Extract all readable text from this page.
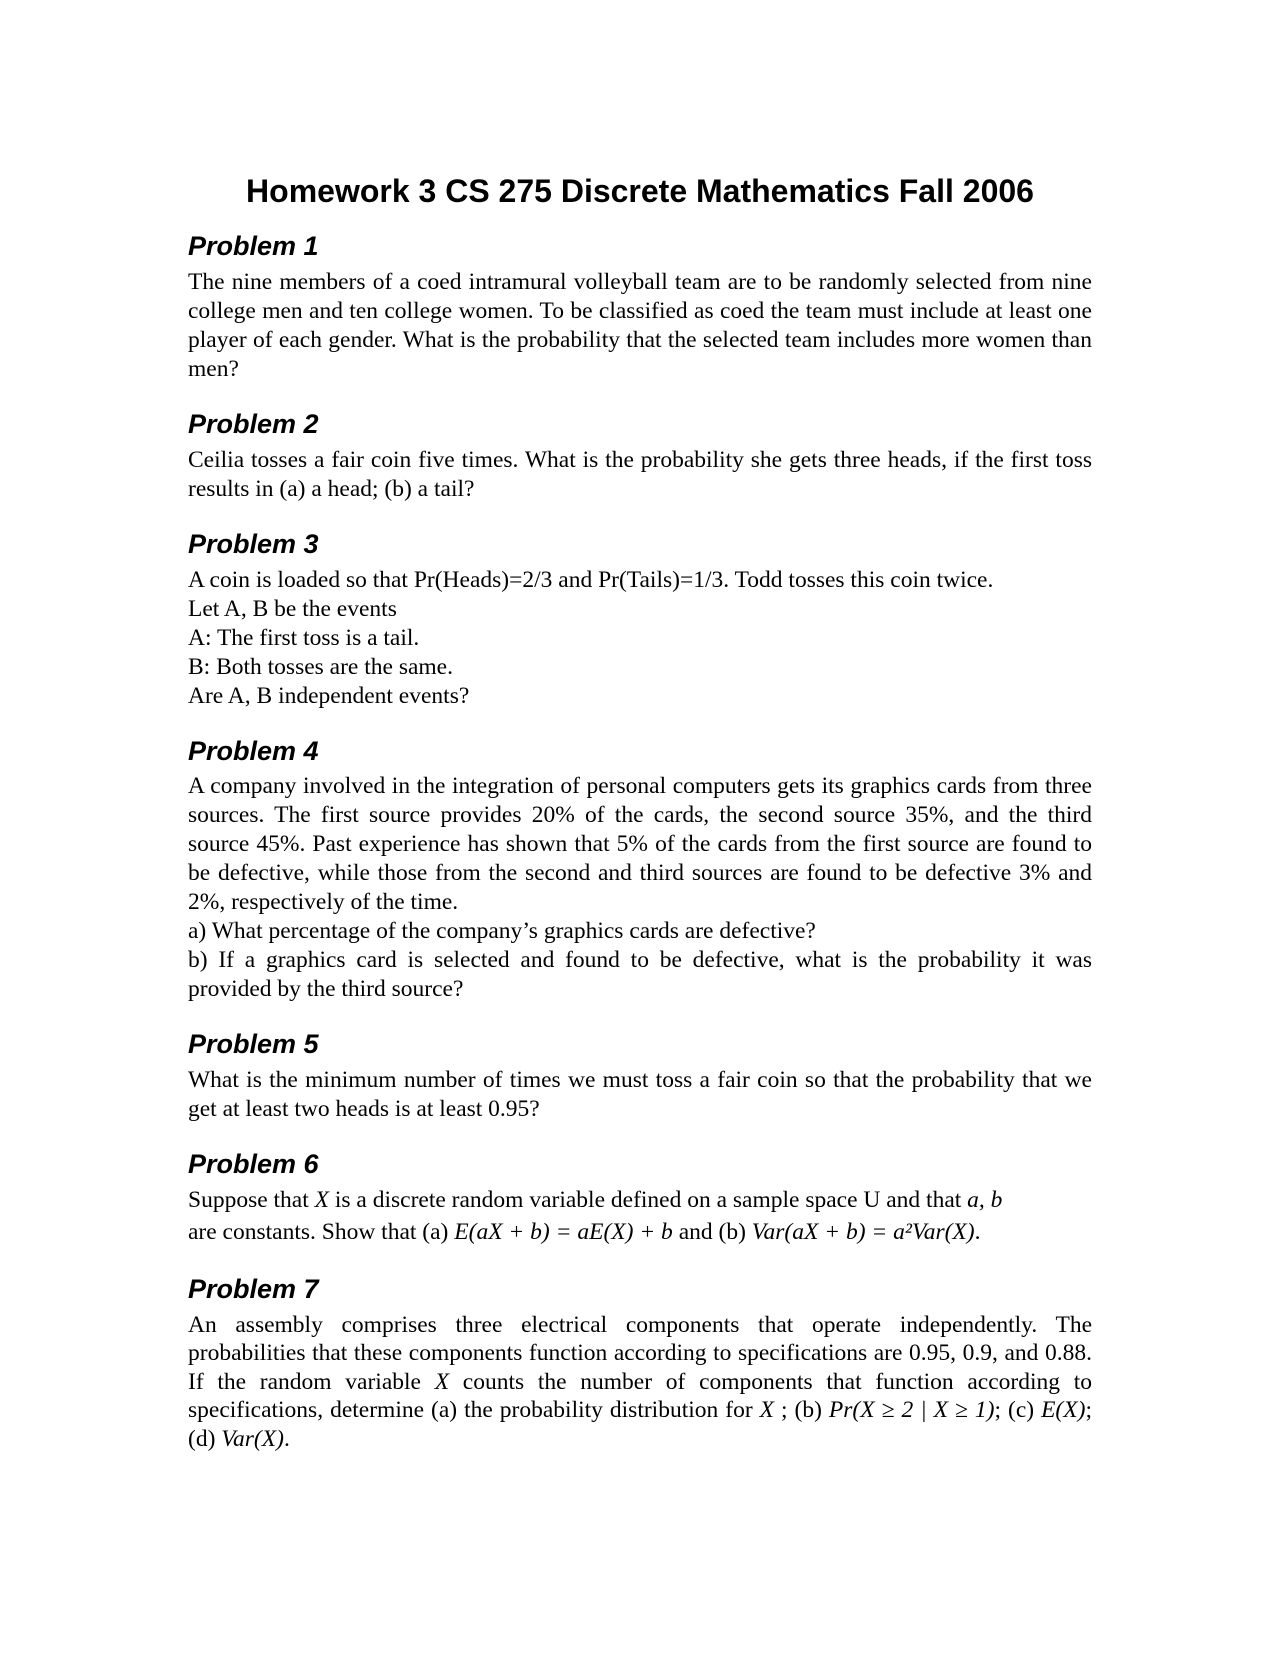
Homework 3 CS 275 Discrete Mathematics Fall 2006
Problem 1

The nine members of a coed intramural volleyball team are to be randomly selected from nine college men and ten college women. To be classified as coed the team must include at least one player of each gender. What is the probability that the selected team includes more women than men?

Problem 2

Ceilia tosses a fair coin five times. What is the probability she gets three heads, if the first toss results in (a) a head; (b) a tail?

Problem 3

A coin is loaded so that Pr(Heads)=2/3 and Pr(Tails)=1/3. Todd tosses this coin twice.

Let A, B be the events

A: The first toss is a tail.

B: Both tosses are the same.

Are A, B independent events?

Problem 4

A company involved in the integration of personal computers gets its graphics cards from three sources. The first source provides 20% of the cards, the second source 35%, and the third source 45%. Past experience has shown that 5% of the cards from the first source are found to be defective, while those from the second and third sources are found to be defective 3% and 2%, respectively of the time.

a) What percentage of the company’s graphics cards are defective?

b) If a graphics card is selected and found to be defective, what is the probability it was provided by the third source?

Problem 5

What is the minimum number of times we must toss a fair coin so that the probability that we get at least two heads is at least 0.95?

Problem 6

Suppose that X is a discrete random variable defined on a sample space U and that a, b

are constants. Show that (a) E(aX + b) = aE(X) + b and (b) Var(aX + b) = a²Var(X).

Problem 7

An assembly comprises three electrical components that operate independently. The probabilities that these components function according to specifications are 0.95, 0.9, and 0.88. If the random variable X counts the number of components that function according to specifications, determine (a) the probability distribution for X ; (b) Pr(X ≥ 2 | X ≥ 1); (c) E(X); (d) Var(X).
